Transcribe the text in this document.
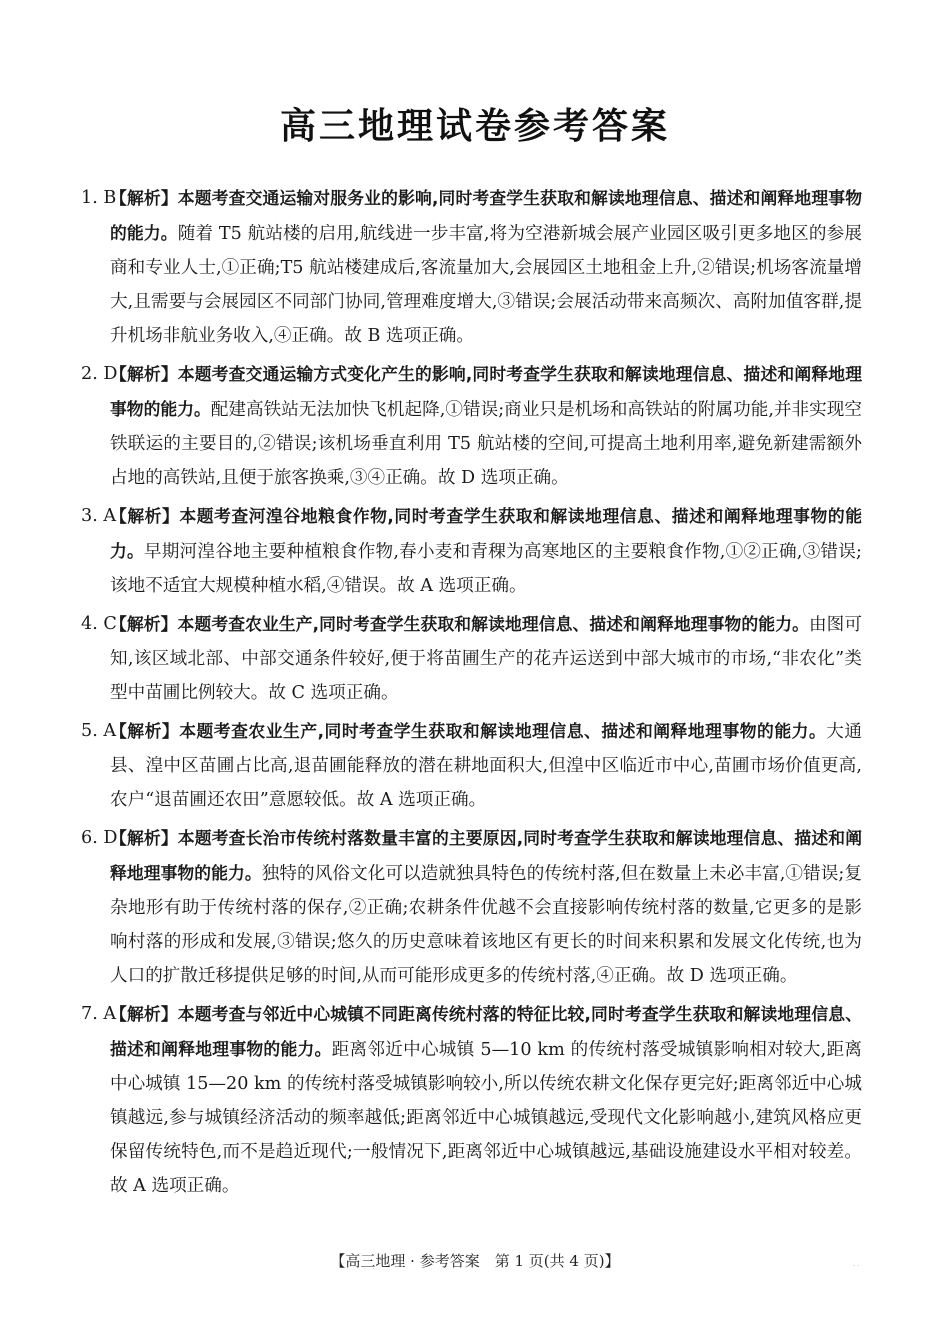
高三地理试卷参考答案
1. B
【解析】本题考查交通运输对服务业的影响,同时考查学生获取和解读地理信息、描述和阐释地理事物的能力。随着 T5 航站楼的启用,航线进一步丰富,将为空港新城会展产业园区吸引更多地区的参展商和专业人士,①正确;T5 航站楼建成后,客流量加大,会展园区土地租金上升,②错误;机场客流量增大,且需要与会展园区不同部门协同,管理难度增大,③错误;会展活动带来高频次、高附加值客群,提升机场非航业务收入,④正确。故 B 选项正确。
2. D
【解析】本题考查交通运输方式变化产生的影响,同时考查学生获取和解读地理信息、描述和阐释地理事物的能力。配建高铁站无法加快飞机起降,①错误;商业只是机场和高铁站的附属功能,并非实现空铁联运的主要目的,②错误;该机场垂直利用 T5 航站楼的空间,可提高土地利用率,避免新建需额外占地的高铁站,且便于旅客换乘,③④正确。故 D 选项正确。
3. A
【解析】本题考查河湟谷地粮食作物,同时考查学生获取和解读地理信息、描述和阐释地理事物的能力。早期河湟谷地主要种植粮食作物,春小麦和青稞为高寒地区的主要粮食作物,①②正确,③错误;该地不适宜大规模种植水稻,④错误。故 A 选项正确。
4. C
【解析】本题考查农业生产,同时考查学生获取和解读地理信息、描述和阐释地理事物的能力。由图可知,该区域北部、中部交通条件较好,便于将苗圃生产的花卉运送到中部大城市的市场,“非农化”类型中苗圃比例较大。故 C 选项正确。
5. A
【解析】本题考查农业生产,同时考查学生获取和解读地理信息、描述和阐释地理事物的能力。大通县、湟中区苗圃占比高,退苗圃能释放的潜在耕地面积大,但湟中区临近市中心,苗圃市场价值更高,农户“退苗圃还农田”意愿较低。故 A 选项正确。
6. D
【解析】本题考查长治市传统村落数量丰富的主要原因,同时考查学生获取和解读地理信息、描述和阐释地理事物的能力。独特的风俗文化可以造就独具特色的传统村落,但在数量上未必丰富,①错误;复杂地形有助于传统村落的保存,②正确;农耕条件优越不会直接影响传统村落的数量,它更多的是影响村落的形成和发展,③错误;悠久的历史意味着该地区有更长的时间来积累和发展文化传统,也为人口的扩散迁移提供足够的时间,从而可能形成更多的传统村落,④正确。故 D 选项正确。
7. A
【解析】本题考查与邻近中心城镇不同距离传统村落的特征比较,同时考查学生获取和解读地理信息、描述和阐释地理事物的能力。距离邻近中心城镇 5—10 km 的传统村落受城镇影响相对较大,距离中心城镇 15—20 km 的传统村落受城镇影响较小,所以传统农耕文化保存更完好;距离邻近中心城镇越远,参与城镇经济活动的频率越低;距离邻近中心城镇越远,受现代文化影响越小,建筑风格应更保留传统特色,而不是趋近现代;一般情况下,距离邻近中心城镇越远,基础设施建设水平相对较差。故 A 选项正确。
【高三地理 · 参考答案　第 1 页(共 4 页)】	· ·
